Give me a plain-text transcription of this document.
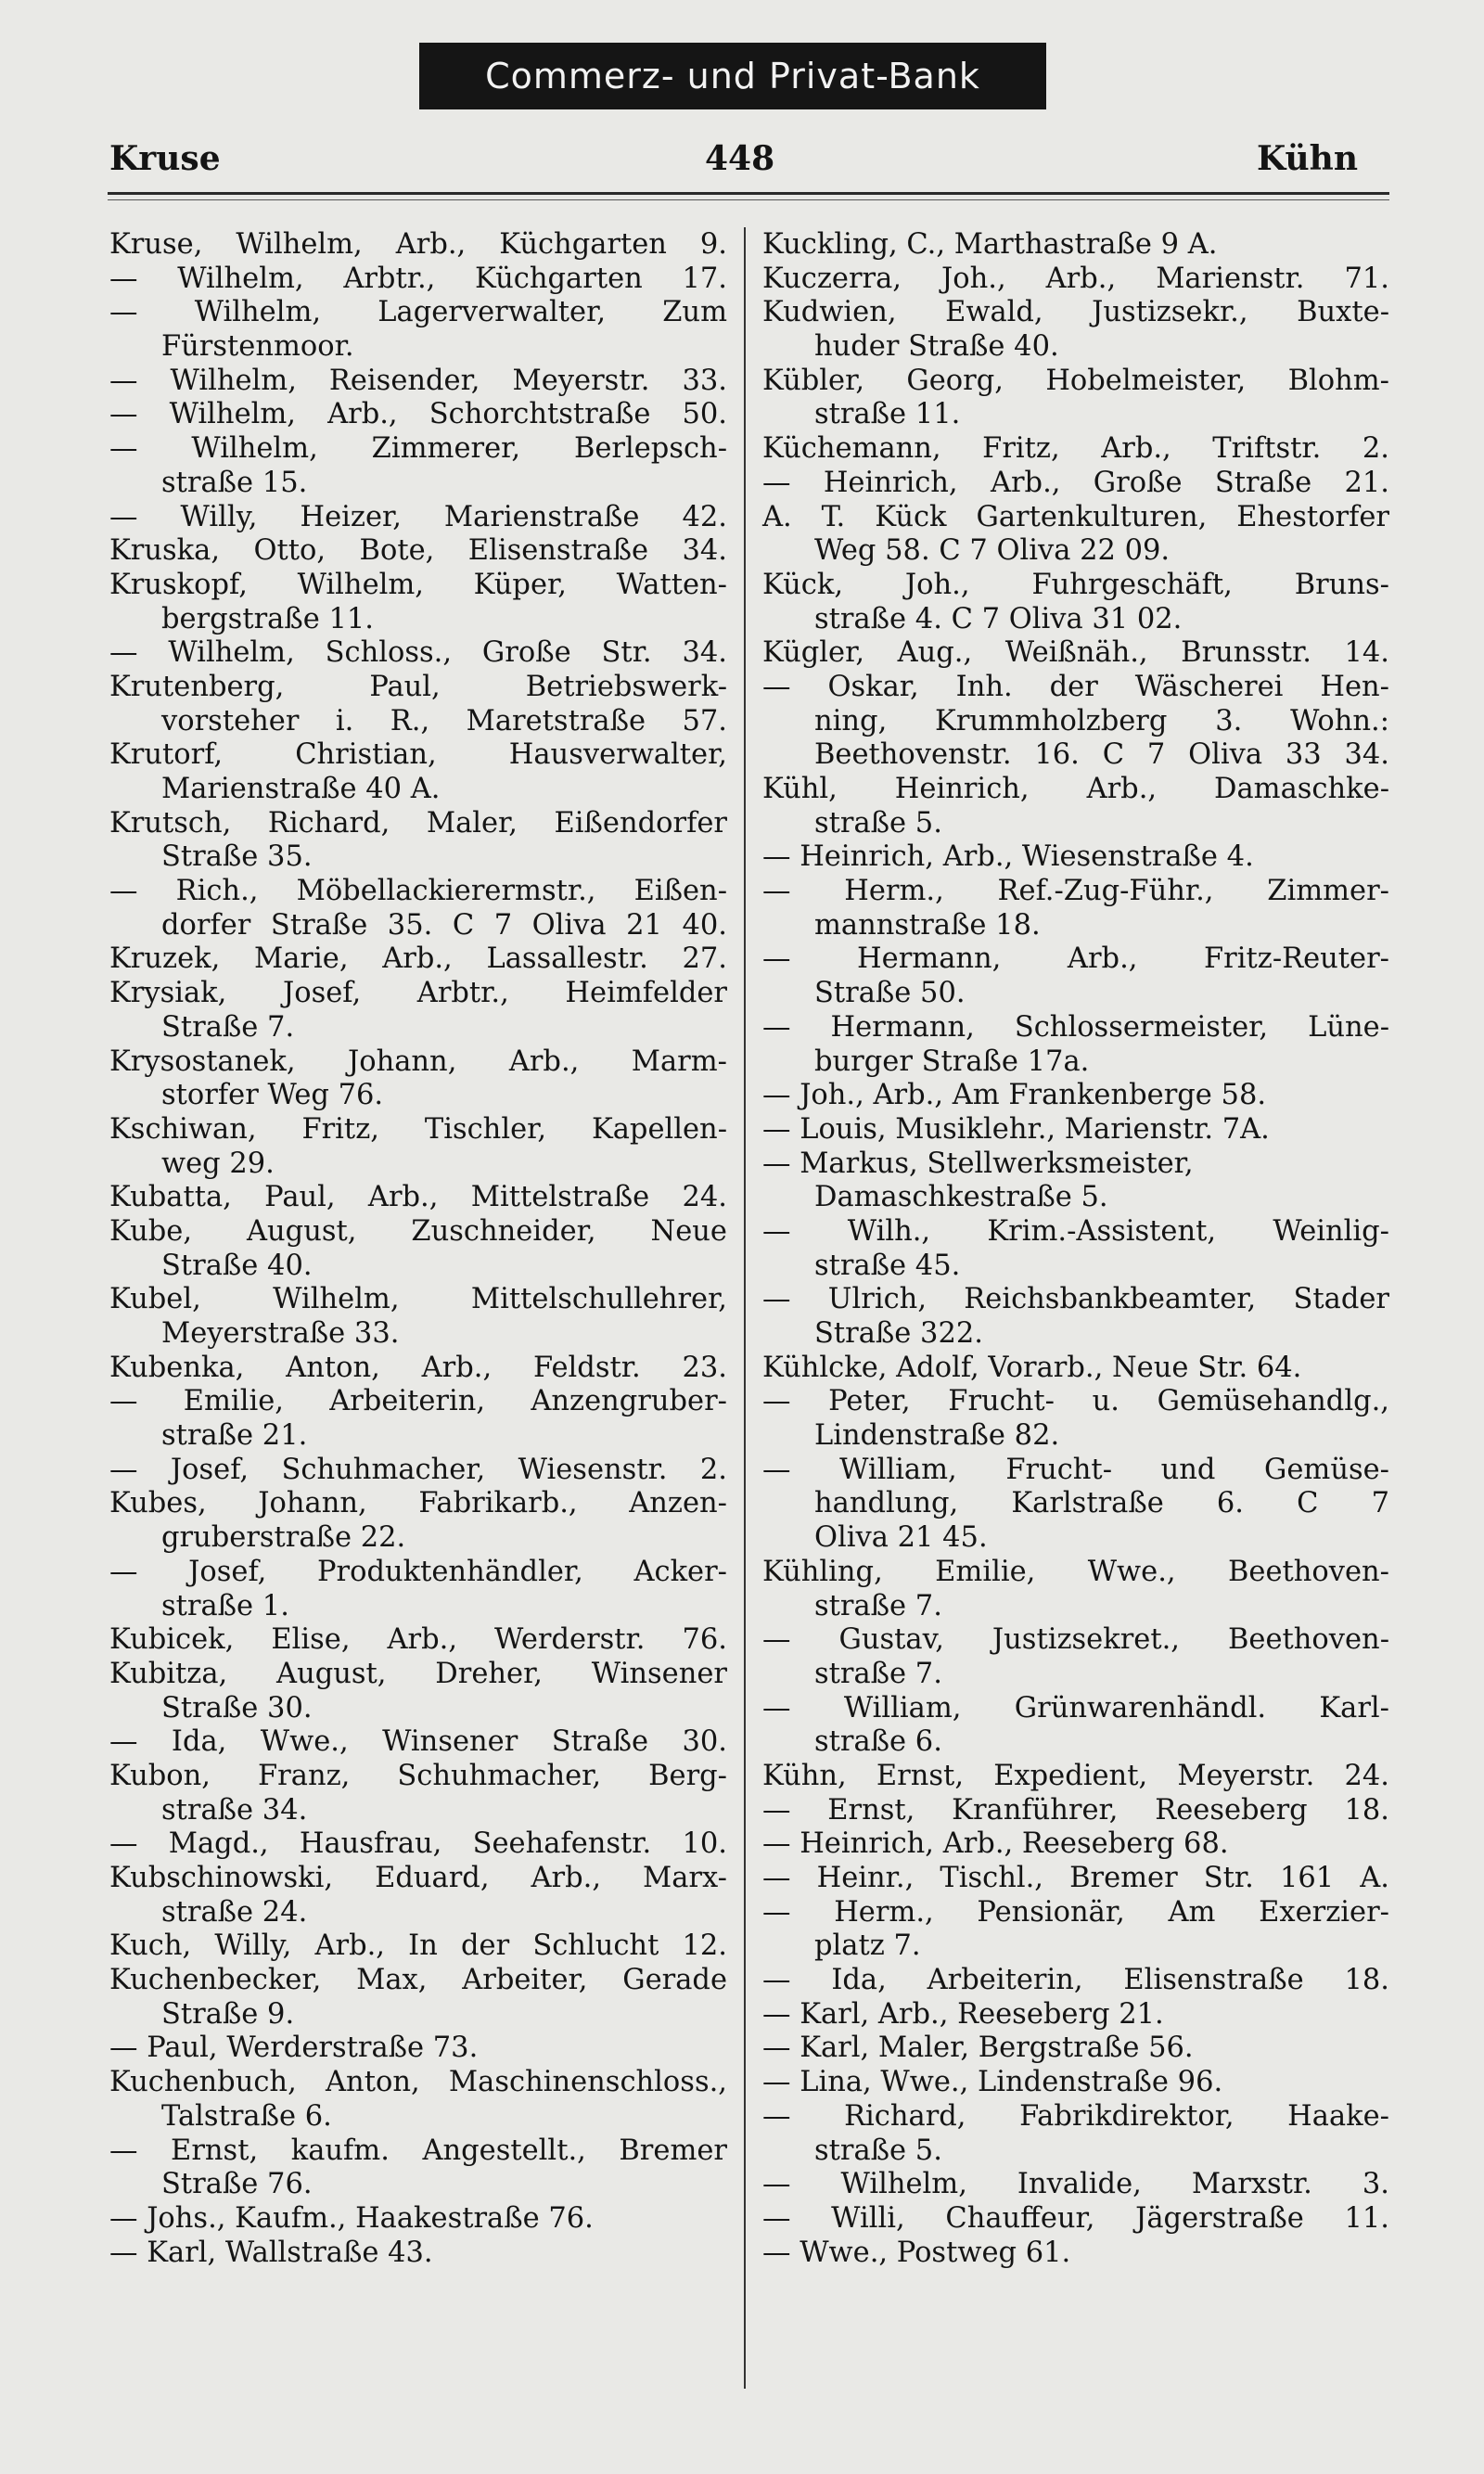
Commerz- und Privat-Bank
Kruse	448	Kühn
Kruse, Wilhelm, Arb., Küchgarten 9.
— Wilhelm, Arbtr., Küchgarten 17.
— Wilhelm, Lagerverwalter, Zum
Fürstenmoor.
— Wilhelm, Reisender, Meyerstr. 33.
— Wilhelm, Arb., Schorchtstraße 50.
— Wilhelm, Zimmerer, Berlepsch-
straße 15.
— Willy, Heizer, Marienstraße 42.
Kruska, Otto, Bote, Elisenstraße 34.
Kruskopf, Wilhelm, Küper, Watten-
bergstraße 11.
— Wilhelm, Schloss., Große Str. 34.
Krutenberg, Paul, Betriebswerk-
vorsteher i. R., Maretstraße 57.
Krutorf, Christian, Hausverwalter,
Marienstraße 40 A.
Krutsch, Richard, Maler, Eißendorfer
Straße 35.
— Rich., Möbellackierermstr., Eißen-
dorfer Straße 35. C 7 Oliva 21 40.
Kruzek, Marie, Arb., Lassallestr. 27.
Krysiak, Josef, Arbtr., Heimfelder
Straße 7.
Krysostanek, Johann, Arb., Marm-
storfer Weg 76.
Kschiwan, Fritz, Tischler, Kapellen-
weg 29.
Kubatta, Paul, Arb., Mittelstraße 24.
Kube, August, Zuschneider, Neue
Straße 40.
Kubel, Wilhelm, Mittelschullehrer,
Meyerstraße 33.
Kubenka, Anton, Arb., Feldstr. 23.
— Emilie, Arbeiterin, Anzengruber-
straße 21.
— Josef, Schuhmacher, Wiesenstr. 2.
Kubes, Johann, Fabrikarb., Anzen-
gruberstraße 22.
— Josef, Produktenhändler, Acker-
straße 1.
Kubicek, Elise, Arb., Werderstr. 76.
Kubitza, August, Dreher, Winsener
Straße 30.
— Ida, Wwe., Winsener Straße 30.
Kubon, Franz, Schuhmacher, Berg-
straße 34.
— Magd., Hausfrau, Seehafenstr. 10.
Kubschinowski, Eduard, Arb., Marx-
straße 24.
Kuch, Willy, Arb., In der Schlucht 12.
Kuchenbecker, Max, Arbeiter, Gerade
Straße 9.
— Paul, Werderstraße 73.
Kuchenbuch, Anton, Maschinenschloss.,
Talstraße 6.
— Ernst, kaufm. Angestellt., Bremer
Straße 76.
— Johs., Kaufm., Haakestraße 76.
— Karl, Wallstraße 43.
Kuckling, C., Marthastraße 9 A.
Kuczerra, Joh., Arb., Marienstr. 71.
Kudwien, Ewald, Justizsekr., Buxte-
huder Straße 40.
Kübler, Georg, Hobelmeister, Blohm-
straße 11.
Küchemann, Fritz, Arb., Triftstr. 2.
— Heinrich, Arb., Große Straße 21.
A. T. Kück Gartenkulturen, Ehestorfer
Weg 58. C 7 Oliva 22 09.
Kück, Joh., Fuhrgeschäft, Bruns-
straße 4. C 7 Oliva 31 02.
Kügler, Aug., Weißnäh., Brunsstr. 14.
— Oskar, Inh. der Wäscherei Hen-
ning, Krummholzberg 3. Wohn.:
Beethovenstr. 16. C 7 Oliva 33 34.
Kühl, Heinrich, Arb., Damaschke-
straße 5.
— Heinrich, Arb., Wiesenstraße 4.
— Herm., Ref.-Zug-Führ., Zimmer-
mannstraße 18.
— Hermann, Arb., Fritz-Reuter-
Straße 50.
— Hermann, Schlossermeister, Lüne-
burger Straße 17a.
— Joh., Arb., Am Frankenberge 58.
— Louis, Musiklehr., Marienstr. 7A.
— Markus, Stellwerksmeister,
Damaschkestraße 5.
— Wilh., Krim.-Assistent, Weinlig-
straße 45.
— Ulrich, Reichsbankbeamter, Stader
Straße 322.
Kühlcke, Adolf, Vorarb., Neue Str. 64.
— Peter, Frucht- u. Gemüsehandlg.,
Lindenstraße 82.
— William, Frucht- und Gemüse-
handlung, Karlstraße 6. C 7
Oliva 21 45.
Kühling, Emilie, Wwe., Beethoven-
straße 7.
— Gustav, Justizsekret., Beethoven-
straße 7.
— William, Grünwarenhändl. Karl-
straße 6.
Kühn, Ernst, Expedient, Meyerstr. 24.
— Ernst, Kranführer, Reeseberg 18.
— Heinrich, Arb., Reeseberg 68.
— Heinr., Tischl., Bremer Str. 161 A.
— Herm., Pensionär, Am Exerzier-
platz 7.
— Ida, Arbeiterin, Elisenstraße 18.
— Karl, Arb., Reeseberg 21.
— Karl, Maler, Bergstraße 56.
— Lina, Wwe., Lindenstraße 96.
— Richard, Fabrikdirektor, Haake-
straße 5.
— Wilhelm, Invalide, Marxstr. 3.
— Willi, Chauffeur, Jägerstraße 11.
— Wwe., Postweg 61.
